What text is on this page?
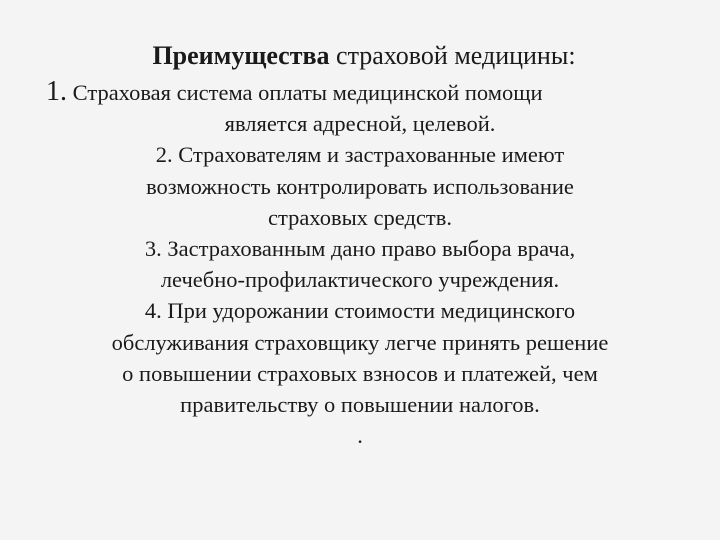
Преимущества страховой медицины:
1. Страховая система оплаты медицинской помощи
является адресной, целевой.
2. Страхователям и застрахованные имеют
возможность контролировать использование
страховых средств.
3. Застрахованным дано право выбора врача,
лечебно-профилактического учреждения.
4. При удорожании стоимости медицинского
обслуживания страховщику легче принять решение
о повышении страховых взносов и платежей, чем
правительству о повышении налогов.
.
